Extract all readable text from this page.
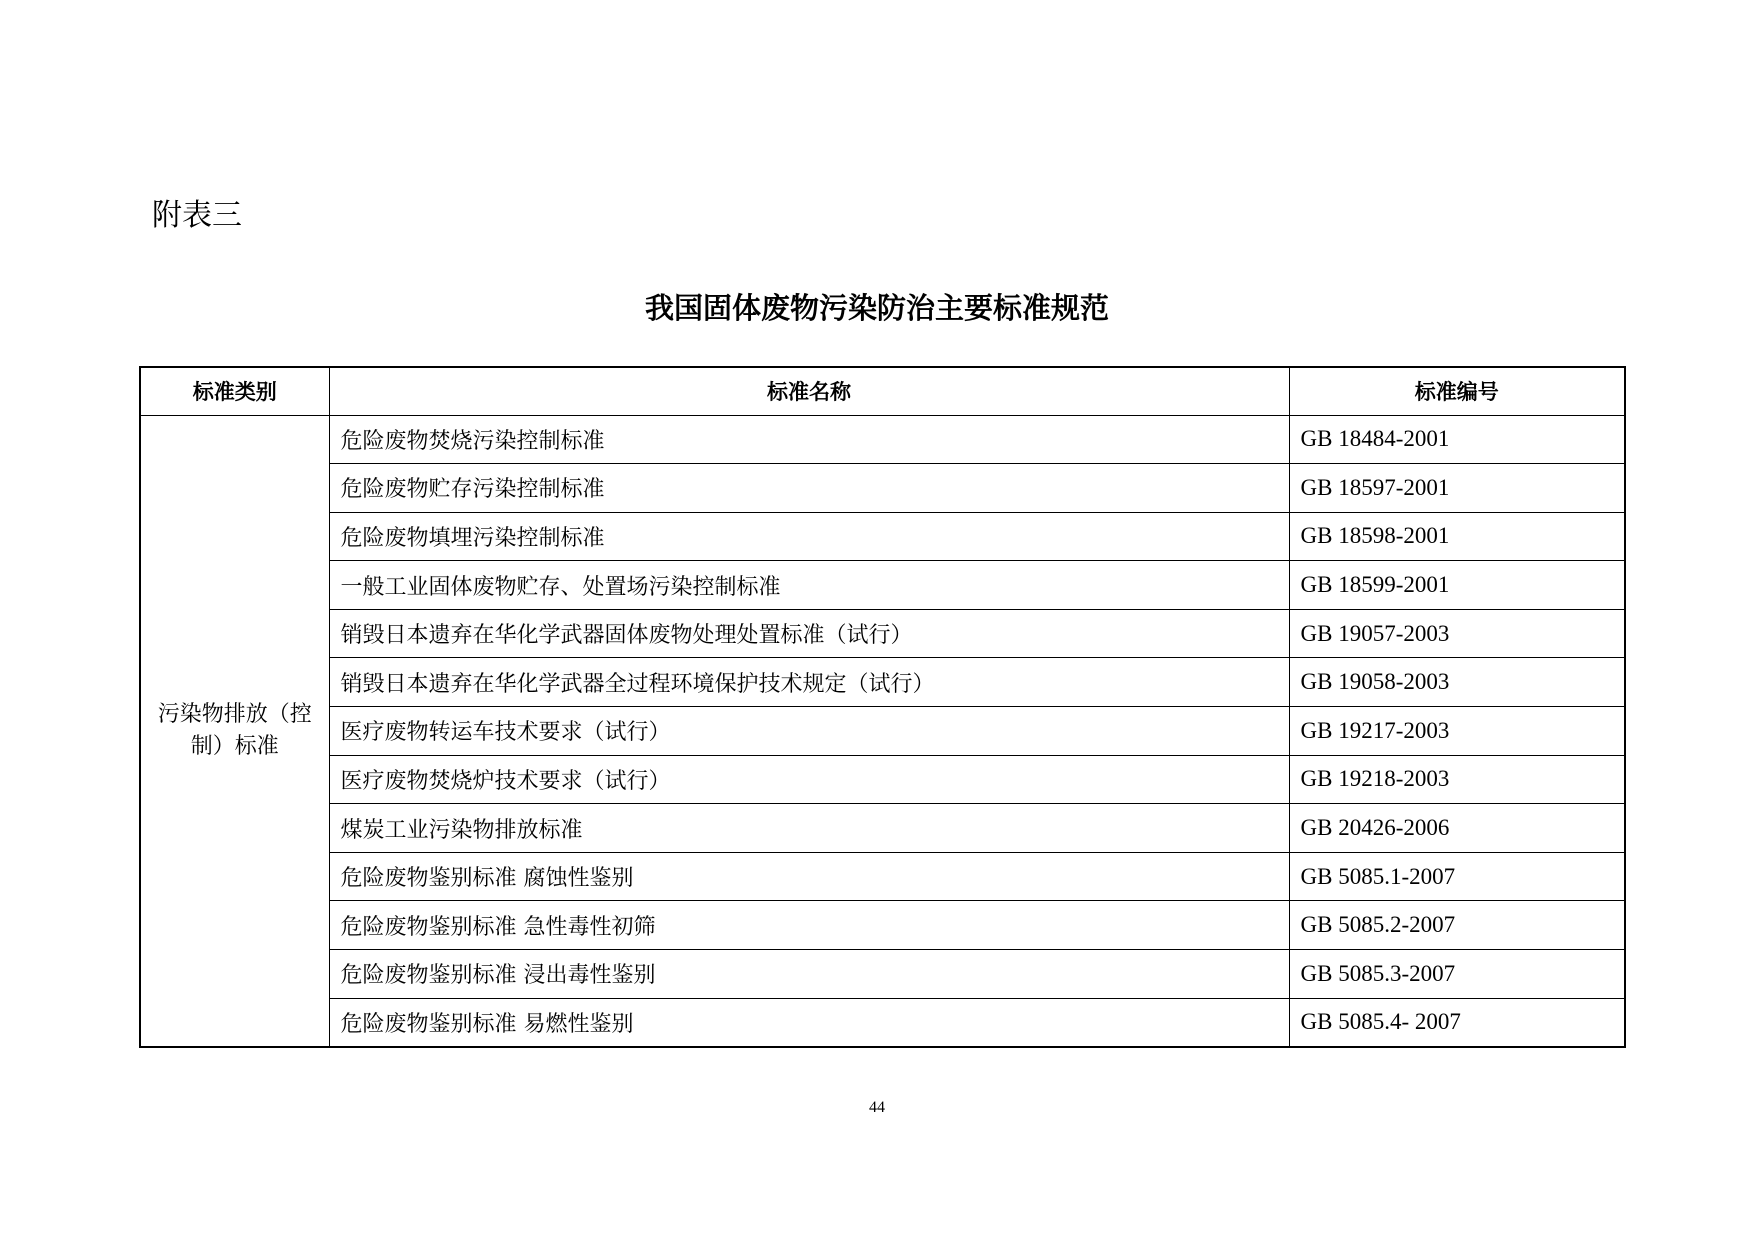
附表三
我国固体废物污染防治主要标准规范
标准类别	标准名称	标准编号
污染物排放（控制）标准	危险废物焚烧污染控制标准	GB 18484-2001
	危险废物贮存污染控制标准	GB 18597-2001
	危险废物填埋污染控制标准	GB 18598-2001
	一般工业固体废物贮存、处置场污染控制标准	GB 18599-2001
	销毁日本遗弃在华化学武器固体废物处理处置标准（试行）	GB 19057-2003
	销毁日本遗弃在华化学武器全过程环境保护技术规定（试行）	GB 19058-2003
	医疗废物转运车技术要求（试行）	GB 19217-2003
	医疗废物焚烧炉技术要求（试行）	GB 19218-2003
	煤炭工业污染物排放标准	GB 20426-2006
	危险废物鉴别标准 腐蚀性鉴别	GB 5085.1-2007
	危险废物鉴别标准 急性毒性初筛	GB 5085.2-2007
	危险废物鉴别标准 浸出毒性鉴别	GB 5085.3-2007
	危险废物鉴别标准 易燃性鉴别	GB 5085.4- 2007
44
